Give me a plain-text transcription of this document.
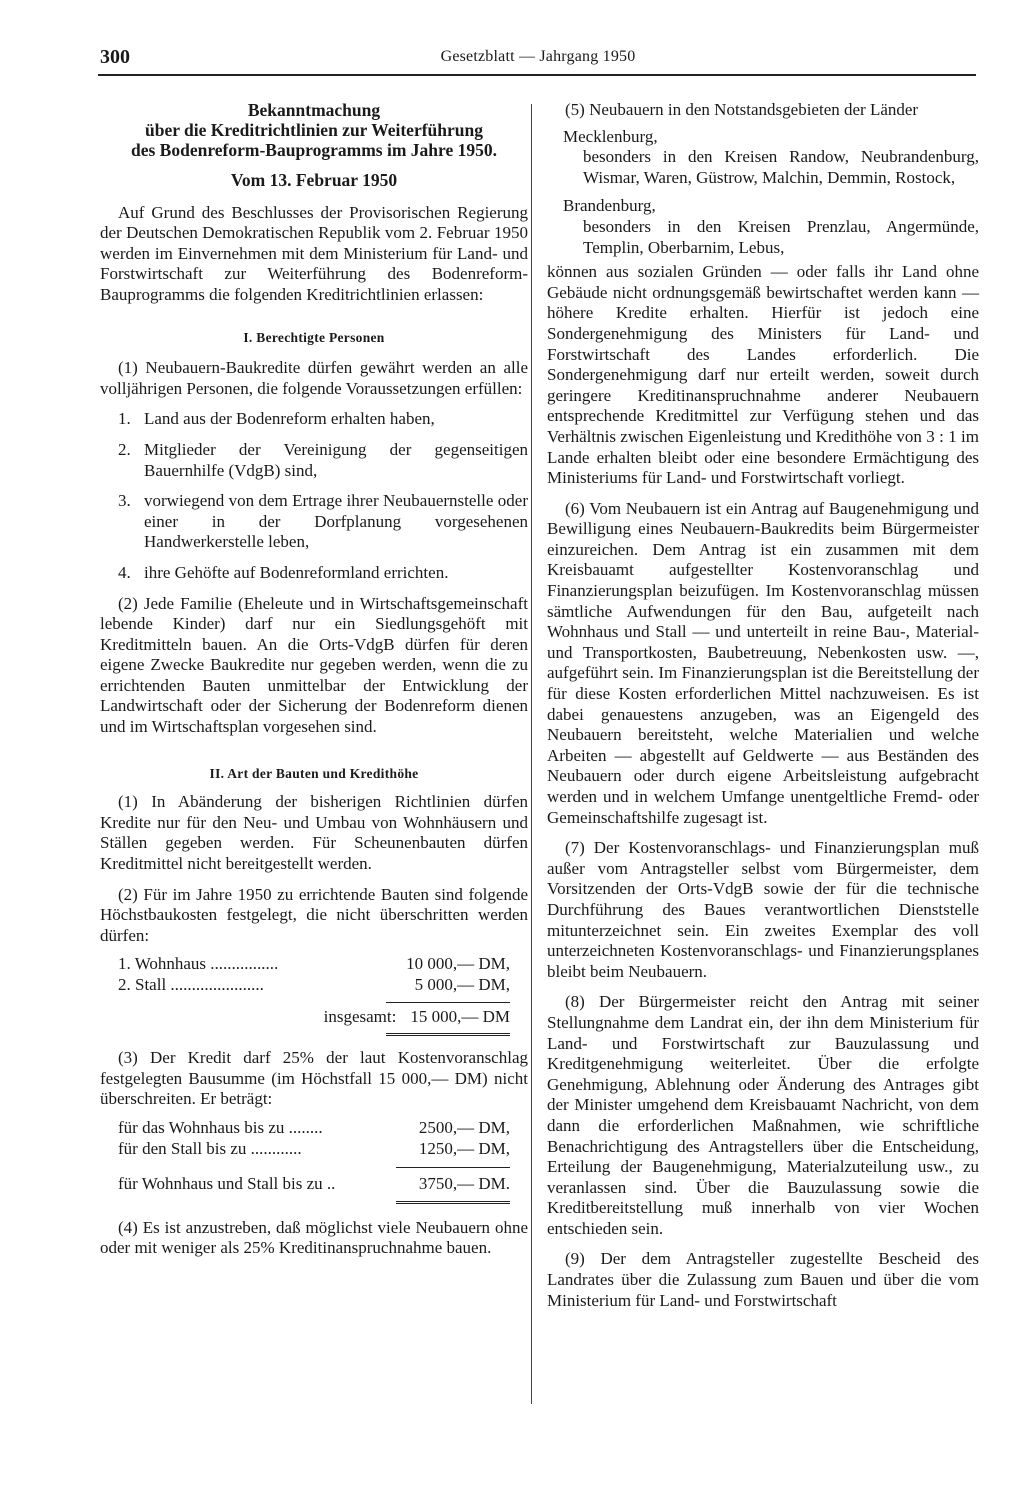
300	Gesetzblatt — Jahrgang 1950
Bekanntmachung
über die Kreditrichtlinien zur Weiterführung
des Bodenreform-Bauprogramms im Jahre 1950.
Vom 13. Februar 1950

Auf Grund des Beschlusses der Provisorischen Regierung der Deutschen Demokratischen Republik vom 2. Februar 1950 werden im Einvernehmen mit dem Ministerium für Land- und Forstwirtschaft zur Weiterführung des Bodenreform-Bauprogramms die folgenden Kreditrichtlinien erlassen:

I. Berechtigte Personen

(1) Neubauern-Baukredite dürfen gewährt werden an alle volljährigen Personen, die folgende Voraussetzungen erfüllen:

1. Land aus der Bodenreform erhalten haben,
2. Mitglieder der Vereinigung der gegenseitigen Bauernhilfe (VdgB) sind,
3. vorwiegend von dem Ertrage ihrer Neubauernstelle oder einer in der Dorfplanung vorgesehenen Handwerkerstelle leben,
4. ihre Gehöfte auf Bodenreformland errichten.

(2) Jede Familie (Eheleute und in Wirtschaftsgemeinschaft lebende Kinder) darf nur ein Siedlungsgehöft mit Kreditmitteln bauen. An die Orts-VdgB dürfen für deren eigene Zwecke Baukredite nur gegeben werden, wenn die zu errichtenden Bauten unmittelbar der Entwicklung der Landwirtschaft oder der Sicherung der Bodenreform dienen und im Wirtschaftsplan vorgesehen sind.

II. Art der Bauten und Kredithöhe

(1) In Abänderung der bisherigen Richtlinien dürfen Kredite nur für den Neu- und Umbau von Wohnhäusern und Ställen gegeben werden. Für Scheunenbauten dürfen Kreditmittel nicht bereitgestellt werden.

(2) Für im Jahre 1950 zu errichtende Bauten sind folgende Höchstbaukosten festgelegt, die nicht überschritten werden dürfen:

1. Wohnhaus ................	10 000,— DM,
2. Stall ......................	5 000,— DM,
insgesamt: 15 000,— DM

(3) Der Kredit darf 25% der laut Kostenvoranschlag festgelegten Bausumme (im Höchstfall 15 000,— DM) nicht überschreiten. Er beträgt:

für das Wohnhaus bis zu ........	2500,— DM,
für den Stall bis zu ............	1250,— DM,
für Wohnhaus und Stall bis zu ..	3750,— DM.

(4) Es ist anzustreben, daß möglichst viele Neubauern ohne oder mit weniger als 25% Kreditinanspruchnahme bauen.

(5) Neubauern in den Notstandsgebieten der Länder

Mecklenburg,
besonders in den Kreisen Randow, Neubrandenburg, Wismar, Waren, Güstrow, Malchin, Demmin, Rostock,
Brandenburg,
besonders in den Kreisen Prenzlau, Angermünde, Templin, Oberbarnim, Lebus,

können aus sozialen Gründen — oder falls ihr Land ohne Gebäude nicht ordnungsgemäß bewirtschaftet werden kann — höhere Kredite erhalten. Hierfür ist jedoch eine Sondergenehmigung des Ministers für Land- und Forstwirtschaft des Landes erforderlich. Die Sondergenehmigung darf nur erteilt werden, soweit durch geringere Kreditinanspruchnahme anderer Neubauern entsprechende Kreditmittel zur Verfügung stehen und das Verhältnis zwischen Eigenleistung und Kredithöhe von 3 : 1 im Lande erhalten bleibt oder eine besondere Ermächtigung des Ministeriums für Land- und Forstwirtschaft vorliegt.

(6) Vom Neubauern ist ein Antrag auf Baugenehmigung und Bewilligung eines Neubauern-Baukredits beim Bürgermeister einzureichen. Dem Antrag ist ein zusammen mit dem Kreisbauamt aufgestellter Kostenvoranschlag und Finanzierungsplan beizufügen. Im Kostenvoranschlag müssen sämtliche Aufwendungen für den Bau, aufgeteilt nach Wohnhaus und Stall — und unterteilt in reine Bau-, Material- und Transportkosten, Baubetreuung, Nebenkosten usw. —, aufgeführt sein. Im Finanzierungsplan ist die Bereitstellung der für diese Kosten erforderlichen Mittel nachzuweisen. Es ist dabei genauestens anzugeben, was an Eigengeld des Neubauern bereitsteht, welche Materialien und welche Arbeiten — abgestellt auf Geldwerte — aus Beständen des Neubauern oder durch eigene Arbeitsleistung aufgebracht werden und in welchem Umfange unentgeltliche Fremd- oder Gemeinschaftshilfe zugesagt ist.

(7) Der Kostenvoranschlags- und Finanzierungsplan muß außer vom Antragsteller selbst vom Bürgermeister, dem Vorsitzenden der Orts-VdgB sowie der für die technische Durchführung des Baues verantwortlichen Dienststelle mitunterzeichnet sein. Ein zweites Exemplar des voll unterzeichneten Kostenvoranschlags- und Finanzierungsplanes bleibt beim Neubauern.

(8) Der Bürgermeister reicht den Antrag mit seiner Stellungnahme dem Landrat ein, der ihn dem Ministerium für Land- und Forstwirtschaft zur Bauzulassung und Kreditgenehmigung weiterleitet. Über die erfolgte Genehmigung, Ablehnung oder Änderung des Antrages gibt der Minister umgehend dem Kreisbauamt Nachricht, von dem dann die erforderlichen Maßnahmen, wie schriftliche Benachrichtigung des Antragstellers über die Entscheidung, Erteilung der Baugenehmigung, Materialzuteilung usw., zu veranlassen sind. Über die Bauzulassung sowie die Kreditbereitstellung muß innerhalb von vier Wochen entschieden sein.

(9) Der dem Antragsteller zugestellte Bescheid des Landrates über die Zulassung zum Bauen und über die vom Ministerium für Land- und Forstwirtschaft
